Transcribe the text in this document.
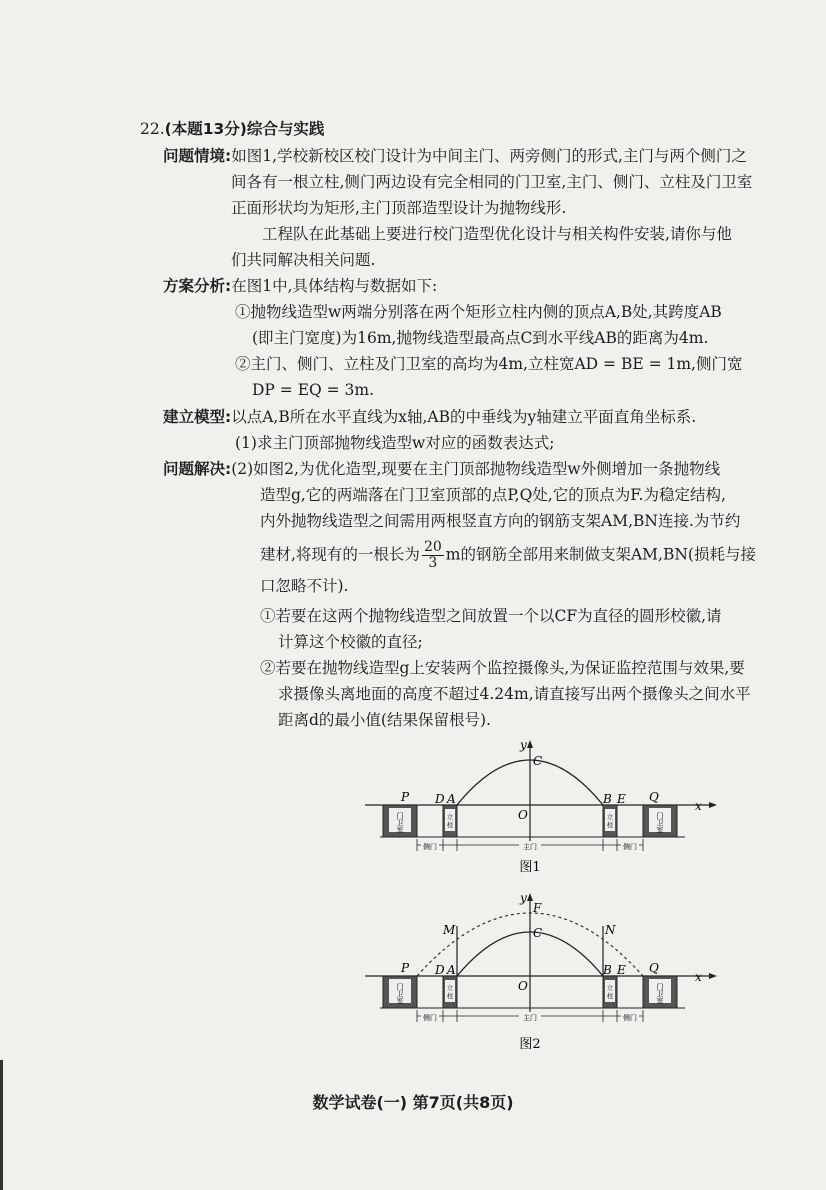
22.(本题13分)综合与实践
问题情境:如图1,学校新校区校门设计为中间主门、两旁侧门的形式,主门与两个侧门之
间各有一根立柱,侧门两边设有完全相同的门卫室,主门、侧门、立柱及门卫室
正面形状均为矩形,主门顶部造型设计为抛物线形.
工程队在此基础上要进行校门造型优化设计与相关构件安装,请你与他
们共同解决相关问题.
方案分析:在图1中,具体结构与数据如下:
①抛物线造型w两端分别落在两个矩形立柱内侧的顶点A,B处,其跨度AB
(即主门宽度)为16m,抛物线造型最高点C到水平线AB的距离为4m.
②主门、侧门、立柱及门卫室的高均为4m,立柱宽AD = BE = 1m,侧门宽
DP = EQ = 3m.
建立模型:以点A,B所在水平直线为x轴,AB的中垂线为y轴建立平面直角坐标系.
(1)求主门顶部抛物线造型w对应的函数表达式;
问题解决:(2)如图2,为优化造型,现要在主门顶部抛物线造型w外侧增加一条抛物线
造型g,它的两端落在门卫室顶部的点P,Q处,它的顶点为F.为稳定结构,
内外抛物线造型之间需用两根竖直方向的钢筋支架AM,BN连接.为节约
建材,将现有的一根长为 $\frac{20}{3}$ m的钢筋全部用来制做支架AM,BN(损耗与接
口忽略不计).
①若要在这两个抛物线造型之间放置一个以CF为直径的圆形校徽,请
计算这个校徽的直径;
②若要在抛物线造型g上安装两个监控摄像头,为保证监控范围与效果,要
求摄像头离地面的高度不超过4.24m,请直接写出两个摄像头之间水平
距离d的最小值(结果保留根号).
x
y
门
卫
室
门
卫
室
立
柱
立
柱
P D A	B E Q
C
O
侧门	侧门
主门
图1
x
y
门
卫
室
门
卫
室
立
柱
立
柱
M	N
F
C
P D A	B E Q
O
侧门	侧门
主门
图2
数学试卷(一) 第7页(共8页)
